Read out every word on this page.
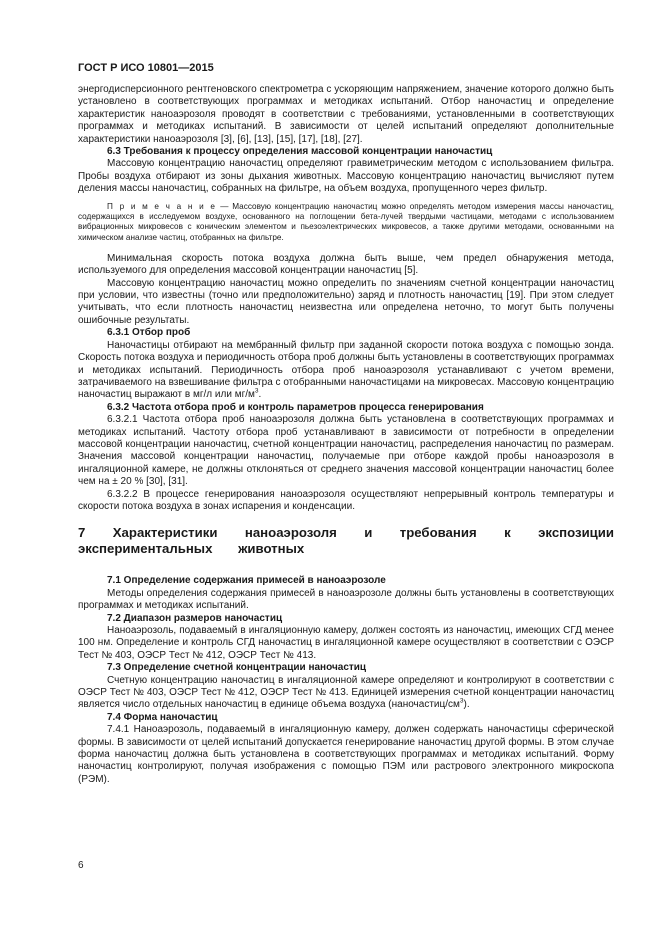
ГОСТ Р ИСО 10801—2015

энергодисперсионного рентгеновского спектрометра с ускоряющим напряжением, значение которого должно быть установлено в соответствующих программах и методиках испытаний. Отбор наночастиц и определение характеристик наноаэрозоля проводят в соответствии с требованиями, установленными в соответствующих программах и методиках испытаний. В зависимости от целей испытаний определяют дополнительные характеристики наноаэрозоля [3], [6], [13], [15], [17], [18], [27].

6.3 Требования к процессу определения массовой концентрации наночастиц

Массовую концентрацию наночастиц определяют гравиметрическим методом с использованием фильтра. Пробы воздуха отбирают из зоны дыхания животных. Массовую концентрацию наночастиц вычисляют путем деления массы наночастиц, собранных на фильтре, на объем воздуха, пропущенного через фильтр.

П р и м е ч а н и е — Массовую концентрацию наночастиц можно определять методом измерения массы наночастиц, содержащихся в исследуемом воздухе, основанного на поглощении бета-лучей твердыми частицами, методами с использованием вибрационных микровесов с коническим элементом и пьезоэлектрических микровесов, а также другими методами, основанными на химическом анализе частиц, отобранных на фильтре.

Минимальная скорость потока воздуха должна быть выше, чем предел обнаружения метода, используемого для определения массовой концентрации наночастиц [5].

Массовую концентрацию наночастиц можно определить по значениям счетной концентрации наночастиц при условии, что известны (точно или предположительно) заряд и плотность наночастиц [19]. При этом следует учитывать, что если плотность наночастиц неизвестна или определена неточно, то могут быть получены ошибочные результаты.

6.3.1 Отбор проб

Наночастицы отбирают на мембранный фильтр при заданной скорости потока воздуха с помощью зонда. Скорость потока воздуха и периодичность отбора проб должны быть установлены в соответствующих программах и методиках испытаний. Периодичность отбора проб наноаэрозоля устанавливают с учетом времени, затрачиваемого на взвешивание фильтра с отобранными наночастицами на микровесах. Массовую концентрацию наночастиц выражают в мг/л или $мг/м^3$.

6.3.2 Частота отбора проб и контроль параметров процесса генерирования

6.3.2.1 Частота отбора проб наноаэрозоля должна быть установлена в соответствующих программах и методиках испытаний. Частоту отбора проб устанавливают в зависимости от потребности в определении массовой концентрации наночастиц, счетной концентрации наночастиц, распределения наночастиц по размерам. Значения массовой концентрации наночастиц, получаемые при отборе каждой пробы наноаэрозоля в ингаляционной камере, не должны отклоняться от среднего значения массовой концентрации наночастиц более чем на ± 20 % [30], [31].

6.3.2.2 В процессе генерирования наноаэрозоля осуществляют непрерывный контроль температуры и скорости потока воздуха в зонах испарения и конденсации.

7 Характеристики наноаэрозоля и требования к экспозиции экспериментальных животных
7.1 Определение содержания примесей в наноаэрозоле

Методы определения содержания примесей в наноаэрозоле должны быть установлены в соответствующих программах и методиках испытаний.

7.2 Диапазон размеров наночастиц

Наноаэрозоль, подаваемый в ингаляционную камеру, должен состоять из наночастиц, имеющих СГД менее 100 нм. Определение и контроль СГД наночастиц в ингаляционной камере осуществляют в соответствии с ОЭСР Тест № 403, ОЭСР Тест № 412, ОЭСР Тест № 413.

7.3 Определение счетной концентрации наночастиц

Счетную концентрацию наночастиц в ингаляционной камере определяют и контролируют в соответствии с ОЭСР Тест № 403, ОЭСР Тест № 412, ОЭСР Тест № 413. Единицей измерения счетной концентрации наночастиц является число отдельных наночастиц в единице объема воздуха $(наночастиц/см^3)$.

7.4 Форма наночастиц

7.4.1 Наноаэрозоль, подаваемый в ингаляционную камеру, должен содержать наночастицы сферической формы. В зависимости от целей испытаний допускается генерирование наночастиц другой формы. В этом случае форма наночастиц должна быть установлена в соответствующих программах и методиках испытаний. Форму наночастиц контролируют, получая изображения с помощью ПЭМ или растрового электронного микроскопа (РЭМ).

6
